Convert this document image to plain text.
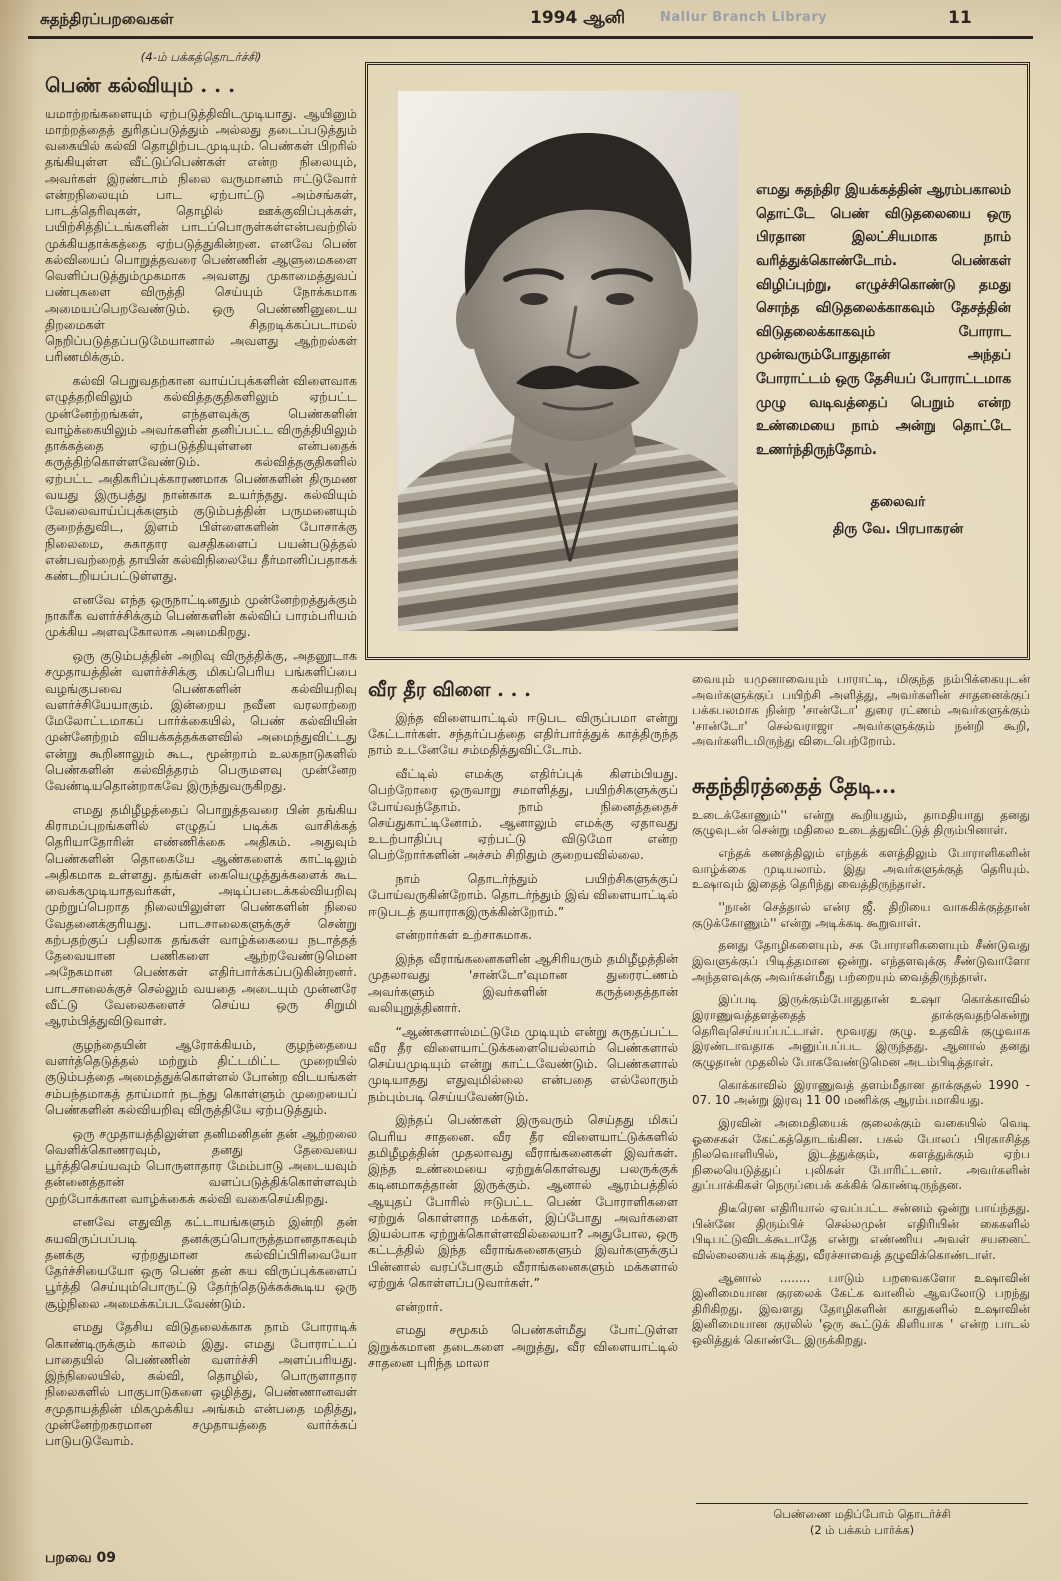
சுதந்திரப்பறவைகள்	1994 ஆனி	Nallur Branch Library	11

(4-ம் பக்கத்தொடர்ச்சி)

பெண் கல்வியும் . . .

யமாற்றங்களையும் ஏற்படுத்திவிடமுடியாது. ஆயினும் மாற்றத்தைத் துரிதப்படுத்தும் அல்லது தடைப்படுத்தும் வகையில் கல்வி தொழிற்படமுடியும். பெண்கள் பிறரில் தங்கியுள்ள வீட்டுப்பெண்கள் என்ற நிலையும், அவர்கள் இரண்டாம் நிலை வருமானம் ஈட்டுவோர் என்றநிலையும் பாட ஏற்பாட்டு அம்சங்கள், பாடத்தெரிவுகள், தொழில் ஊக்குவிப்புக்கள், பயிற்சித்திட்டங்களின் பாடப்பொருள்கள்என்பவற்றில் முக்கியதாக்கத்தை ஏற்படுத்துகின்றன. எனவே பெண் கல்வியைப் பொறுத்தவரை பெண்ணின் ஆளுமைகளை வெளிப்படுத்தும்முகமாக அவளது முகாமைத்துவப் பண்புகளை விருத்தி செய்யும் நோக்கமாக அமையப்பெறவேண்டும். ஒரு பெண்ணினுடைய திறமைகள் சிதறடிக்கப்படாமல் நெறிப்படுத்தப்படுமேயானால் அவளது ஆற்றல்கள் பரிணமிக்கும்.

கல்வி பெறுவதற்கான வாய்ப்புக்களின் விளைவாக எழுத்தறிவிலும் கல்வித்தகுதிகளிலும் ஏற்பட்ட முன்னேற்றங்கள், எந்தளவுக்கு பெண்களின் வாழ்க்கையிலும் அவர்களின் தனிப்பட்ட விருத்தியிலும் தாக்கத்தை ஏற்படுத்தியுள்ளன என்பதைக் கருத்திற்கொள்ளவேண்டும். கல்வித்தகுதிகளில் ஏற்பட்ட அதிகரிப்புக்காரணமாக பெண்களின் திருமண வயது இருபத்து நான்காக உயர்ந்தது. கல்வியும் வேலைவாய்ப்புக்களும் குடும்பத்தின் பருமனையும் குறைத்துவிட, இளம் பிள்ளைகளின் போசாக்கு நிலைமை, சுகாதார வசதிகளைப் பயன்படுத்தல் என்பவற்றைத் தாயின் கல்விநிலையே தீர்மானிப்பதாகக் கண்டறியப்பட்டுள்ளது.

எனவே எந்த ஒருநாட்டினதும் முன்னேற்றத்துக்கும் நாகரீக வளர்ச்சிக்கும் பெண்களின் கல்விப் பாரம்பரியம் முக்கிய அளவுகோலாக அமைகிறது.

ஒரு குடும்பத்தின் அறிவு விருத்திக்கு, அதனூடாக சமுதாயத்தின் வளர்ச்சிக்கு மிகப்பெரிய பங்களிப்பை வழங்குபவை பெண்களின் கல்வியறிவு வளர்ச்சியேயாகும். இன்றைய நவீன வரலாற்றை மேலோட்டமாகப் பார்க்கையில், பெண் கல்வியின் முன்னேற்றம் வியக்கத்தக்களவில் அமைந்துவிட்டது என்று கூறினாலும் கூட, மூன்றாம் உலகநாடுகளில் பெண்களின் கல்வித்தரம் பெருமளவு முன்னேற வேண்டியதொன்றாகவே இருந்துவருகிறது.

எமது தமிழீழத்தைப் பொறுத்தவரை பின் தங்கிய கிராமப்புறங்களில் எழுதப் படிக்க வாசிக்கத் தெரியாதோரின் எண்ணிக்கை அதிகம். அதுவும் பெண்களின் தொகையே ஆண்களைக் காட்டிலும் அதிகமாக உள்ளது. தங்கள் கையெழுத்துக்களைக் கூட வைக்கமுடியாதவர்கள், அடிப்படைக்கல்வியறிவு முற்றுப்பெறாத நிலையிலுள்ள பெண்களின் நிலை வேதனைக்குரியது. பாடசாலைகளுக்குச் சென்று கற்பதற்குப் பதிலாக தங்கள் வாழ்க்கையை நடாத்தத் தேவையான பணிகளை ஆற்றவேண்டுமென அநேகமான பெண்கள் எதிர்பார்க்கப்படுகின்றனர். பாடசாலைக்குச் செல்லும் வயதை அடையும் முன்னரே வீட்டு வேலைகளைச் செய்ய ஒரு சிறுமி ஆரம்பித்துவிடுவாள்.

குழந்தையின் ஆரோக்கியம், குழந்தையை வளர்த்தெடுத்தல் மற்றும் திட்டமிட்ட முறையில் குடும்பத்தை அமைத்துக்கொள்ளல் போன்ற விடயங்கள் சம்பந்தமாகத் தாய்மார் நடந்து கொள்ளும் முறையைப் பெண்களின் கல்வியறிவு விருத்தியே ஏற்படுத்தும்.

ஒரு சமுதாயத்திலுள்ள தனிமனிதன் தன் ஆற்றலை வெளிக்கொணரவும், தனது தேவையை பூர்த்திசெய்யவும் பொருளாதார மேம்பாடு அடையவும் தன்னைத்தான் வளப்படுத்திக்கொள்ளவும் முற்போக்கான வாழ்க்கைக் கல்வி வகைசெய்கிறது.

எனவே எதுவித கட்டாயங்களும் இன்றி தன் சுயவிருப்பப்படி தனக்குப்பொருத்தமானதாகவும் தனக்கு ஏற்றதுமான கல்விப்பிரிவையோ தேர்ச்சியையோ ஒரு பெண் தன் சுய விருப்புக்களைப் பூர்த்தி செய்யும்பொருட்டு தேர்ந்தெடுக்கக்கூடிய ஒரு சூழ்நிலை அமைக்கப்படவேண்டும்.

எமது தேசிய விடுதலைக்காக நாம் போராடிக் கொண்டிருக்கும் காலம் இது. எமது போராட்டப் பாதையில் பெண்ணின் வளர்ச்சி அளப்பரியது. இந்நிலையில், கல்வி, தொழில், பொருளாதார நிலைகளில் பாகுபாடுகளை ஒழித்து, பெண்ணானவள் சமுதாயத்தின் மிகமுக்கிய அங்கம் என்பதை மதித்து, முன்னேற்றகரமான சமுதாயத்தை வார்க்கப் பாடுபடுவோம்.

எமது சுதந்திர இயக்கத்தின் ஆரம்பகாலம் தொட்டே பெண் விடுதலையை ஒரு பிரதான இலட்சியமாக நாம் வரித்துக்கொண்டோம். பெண்கள் விழிப்புற்று, எழுச்சிகொண்டு தமது சொந்த விடுதலைக்காகவும் தேசத்தின் விடுதலைக்காகவும் போராட முன்வரும்போதுதான் அந்தப் போராட்டம் ஒரு தேசியப் போராட்டமாக முழு வடிவத்தைப் பெறும் என்ற உண்மையை நாம் அன்று தொட்டே உணர்ந்திருந்தோம்.
தலைவர்
திரு வே. பிரபாகரன்
வீர தீர விளை . . .

இந்த விளையாட்டில் ஈடுபட விருப்பமா என்று கேட்டார்கள். சந்தர்ப்பத்தை எதிர்பார்த்துக் காத்திருந்த நாம் உடனேயே சம்மதித்துவிட்டோம்.

வீட்டில் எமக்கு எதிர்ப்புக் கிளம்பியது. பெற்றோரை ஒருவாறு சமாளித்து, பயிற்சிகளுக்குப் போய்வந்தோம். நாம் நினைத்ததைச் செய்துகாட்டினோம். ஆனாலும் எமக்கு ஏதாவது உடற்பாதிப்பு ஏற்பட்டு விடுமோ என்ற பெற்றோர்களின் அச்சம் சிறிதும் குறையவில்லை.

நாம் தொடர்ந்தும் பயிற்சிகளுக்குப் போய்வருகின்றோம். தொடர்ந்தும் இவ் விளையாட்டில் ஈடுபடத் தயாராகஇருக்கின்றோம்.”

என்றார்கள் உற்சாகமாக.

இந்த வீராங்கனைகளின் ஆசிரியரும் தமிழீழத்தின் முதலாவது 'சான்டோ'வுமான துரைரட்ணம் அவர்களும் இவர்களின் கருத்தைத்தான் வலியுறுத்தினார்.

“ஆண்களால்மட்டுமே முடியும் என்று கருதப்பட்ட வீர தீர விளையாட்டுக்களையெல்லாம் பெண்களால் செய்யமுடியும் என்று காட்டவேண்டும். பெண்களால் முடியாதது எதுவுமில்லை என்பதை எல்லோரும் நம்பும்படி செய்யவேண்டும்.

இந்தப் பெண்கள் இருவரும் செய்தது மிகப் பெரிய சாதனை. வீர தீர விளையாட்டுக்களில் தமிழீழத்தின் முதலாவது வீராங்கனைகள் இவர்கள். இந்த உண்மையை ஏற்றுக்கொள்வது பலருக்குக் கடினமாகத்தான் இருக்கும். ஆனால் ஆரம்பத்தில் ஆயுதப் போரில் ஈடுபட்ட பெண் போராளிகளை ஏற்றுக் கொள்ளாத மக்கள், இப்போது அவர்களை இயல்பாக ஏற்றுக்கொள்ளவில்லையா? அதுபோல, ஒரு கட்டத்தில் இந்த வீராங்கனைகளும் இவர்களுக்குப் பின்னால் வரப்போகும் வீராங்கனைகளும் மக்களால் ஏற்றுக் கொள்ளப்படுவார்கள்.”

என்றார்.

எமது சமூகம் பெண்கள்மீது போட்டுள்ள இறுக்கமான தடைகளை அறுத்து, வீர விளையாட்டில் சாதனை புரிந்த மாலா

வையும் யமுனாவையும் பாராட்டி, மிகுந்த நம்பிக்கையுடன் அவர்களுக்குப் பயிற்சி அளித்து, அவர்களின் சாதனைக்குப் பக்கபலமாக நின்ற 'சான்டோ' துரை ரட்ணம் அவர்களுக்கும் 'சான்டோ' செல்வராஜா அவர்களுக்கும் நன்றி கூறி, அவர்களிடமிருந்து விடைபெற்றோம்.

சுதந்திரத்தைத் தேடி...

உடைக்கோணும்'' என்று கூறியதும், தாமதியாது தனது குழுவுடன் சென்று மதிலை உடைத்துவிட்டுத் திரும்பினாள்.

எந்தக் கணத்திலும் எந்தக் களத்திலும் போராளிகளின் வாழ்க்கை முடியலாம். இது அவர்களுக்குத் தெரியும். உஷாவும் இதைத் தெரிந்து வைத்திருந்தாள்.

''நான் செத்தால் என்ர ஜீ. திறியை வாசுகிக்குத்தான் குடுக்கோணும்'' என்று அடிக்கடி கூறுவாள்.

தனது தோழிகளையும், சக போராளிகளையும் சீண்டுவது இவளுக்குப் பிடித்தமான ஒன்று. எந்தளவுக்கு சீண்டுவாளோ அந்தளவுக்கு அவர்கள்மீது பற்றையும் வைத்திருந்தாள்.

இப்படி இருக்கும்போதுதான் உஷா கொக்காவில் இராணுவத்தளத்தைத் தாக்குவதற்கென்று தெரிவுசெய்யப்பட்டாள். மூவரது குழு. உதவிக் குழுவாக இரண்டாவதாக அனுப்பப்பட இருந்தது. ஆனால் தனது குழுதான் முதலில் போகவேண்டுமென அடம்பிடித்தாள்.

கொக்காவில் இராணுவத் தளம்மீதான தாக்குதல் 1990 - 07. 10 அன்று இரவு 11 00 மணிக்கு ஆரம்பமாகியது.

இரவின் அமைதியைக் குலைக்கும் வகையில் வெடி ஓசைகள் கேட்கத்தொடங்கின. பகல் போலப் பிரகாசித்த நிலவொளியில், இடத்துக்கும், களத்துக்கும் ஏற்ப நிலையெடுத்துப் புலிகள் போரிட்டனர். அவர்களின் துப்பாக்கிகள் நெருப்பைக் கக்கிக் கொண்டிருந்தன.

திடீரென எதிரியால் ஏவப்பட்ட சன்னம் ஒன்று பாய்ந்தது. பின்னே திரும்பிச் செல்லமுன் எதிரியின் கைகளில் பிடிபட்டுவிடக்கூடாதே என்று எண்ணிய அவள் சயனைட் வில்லையைக் கடித்து, வீரச்சாவைத் தழுவிக்கொண்டாள்.

ஆனால் ........ பாடும் பறவைகளோ உஷாவின் இனிமையான குரலைக் கேட்க வானில் ஆவலோடு பறந்து திரிகிறது. இவளது தோழிகளின் காதுகளில் உஷாவின் இனிமையான குரலில் 'ஒரு கூட்டுக் கிளியாக ' என்ற பாடல் ஒலித்துக் கொண்டே இருக்கிறது.

பெண்ணை மதிப்போம் தொடர்ச்சி
(2 ம் பக்கம் பார்க்க)
பறவை 09
